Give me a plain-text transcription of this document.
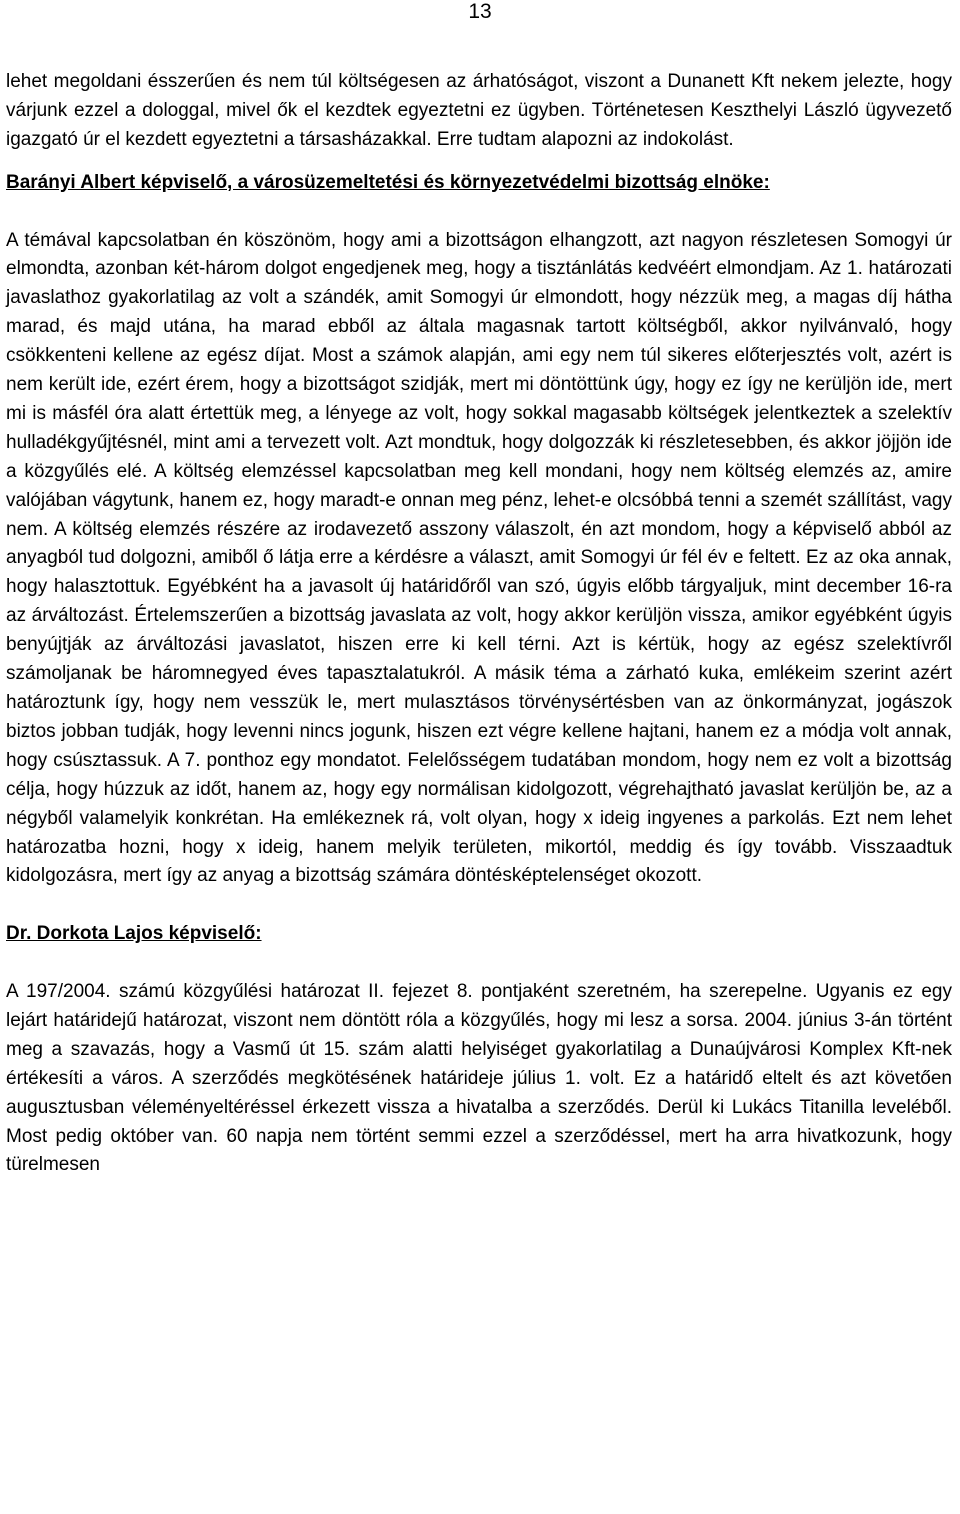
13

lehet megoldani ésszerűen és nem túl költségesen az árhatóságot, viszont a Dunanett Kft nekem jelezte, hogy várjunk ezzel a dologgal, mivel ők el kezdtek egyeztetni ez ügyben. Történetesen Keszthelyi László ügyvezető igazgató úr el kezdett egyeztetni a társasházakkal. Erre tudtam alapozni az indokolást.

Barányi Albert képviselő, a városüzemeltetési és környezetvédelmi bizottság elnöke:

A témával kapcsolatban én köszönöm, hogy ami a bizottságon elhangzott, azt nagyon részletesen Somogyi úr elmondta, azonban két-három dolgot engedjenek meg, hogy a tisztánlátás kedvéért elmondjam. Az 1. határozati javaslathoz gyakorlatilag az volt a szándék, amit Somogyi úr elmondott, hogy nézzük meg, a magas díj hátha marad, és majd utána, ha marad ebből az általa magasnak tartott költségből, akkor nyilvánvaló, hogy csökkenteni kellene az egész díjat. Most a számok alapján, ami egy nem túl sikeres előterjesztés volt, azért is nem került ide, ezért érem, hogy a bizottságot szidják, mert mi döntöttünk úgy, hogy ez így ne kerüljön ide, mert mi is másfél óra alatt értettük meg, a lényege az volt, hogy sokkal magasabb költségek jelentkeztek a szelektív hulladékgyűjtésnél, mint ami a tervezett volt. Azt mondtuk, hogy dolgozzák ki részletesebben, és akkor jöjjön ide a közgyűlés elé. A költség elemzéssel kapcsolatban meg kell mondani, hogy nem költség elemzés az, amire valójában vágytunk, hanem ez, hogy maradt-e onnan meg pénz, lehet-e olcsóbbá tenni a szemét szállítást, vagy nem. A költség elemzés részére az irodavezető asszony válaszolt, én azt mondom, hogy a képviselő abból az anyagból tud dolgozni, amiből ő látja erre a kérdésre a választ, amit Somogyi úr fél év e feltett. Ez az oka annak, hogy halasztottuk. Egyébként ha a javasolt új határidőről van szó, úgyis előbb tárgyaljuk, mint december 16-ra az árváltozást. Értelemszerűen a bizottság javaslata az volt, hogy akkor kerüljön vissza, amikor egyébként úgyis benyújtják az árváltozási javaslatot, hiszen erre ki kell térni. Azt is kértük, hogy az egész szelektívről számoljanak be háromnegyed éves tapasztalatukról. A másik téma a zárható kuka, emlékeim szerint azért határoztunk így, hogy nem vesszük le, mert mulasztásos törvénysértésben van az önkormányzat, jogászok biztos jobban tudják, hogy levenni nincs jogunk, hiszen ezt végre kellene hajtani, hanem ez a módja volt annak, hogy csúsztassuk. A 7. ponthoz egy mondatot. Felelősségem tudatában mondom, hogy nem ez volt a bizottság célja, hogy húzzuk az időt, hanem az, hogy egy normálisan kidolgozott, végrehajtható javaslat kerüljön be, az a négyből valamelyik konkrétan. Ha emlékeznek rá, volt olyan, hogy x ideig ingyenes a parkolás. Ezt nem lehet határozatba hozni, hogy x ideig, hanem melyik területen, mikortól, meddig és így tovább. Visszaadtuk kidolgozásra, mert így az anyag a bizottság számára döntésképtelenséget okozott.

Dr. Dorkota Lajos képviselő:

A 197/2004. számú közgyűlési határozat II. fejezet 8. pontjaként szeretném, ha szerepelne. Ugyanis ez egy lejárt határidejű határozat, viszont nem döntött róla a közgyűlés, hogy mi lesz a sorsa. 2004. június 3-án történt meg a szavazás, hogy a Vasmű út 15. szám alatti helyiséget gyakorlatilag a Dunaújvárosi Komplex Kft-nek értékesíti a város. A szerződés megkötésének határideje július 1. volt. Ez a határidő eltelt és azt követően augusztusban véleményeltéréssel érkezett vissza a hivatalba a szerződés. Derül ki Lukács Titanilla leveléből. Most pedig október van. 60 napja nem történt semmi ezzel a szerződéssel, mert ha arra hivatkozunk, hogy türelmesen
